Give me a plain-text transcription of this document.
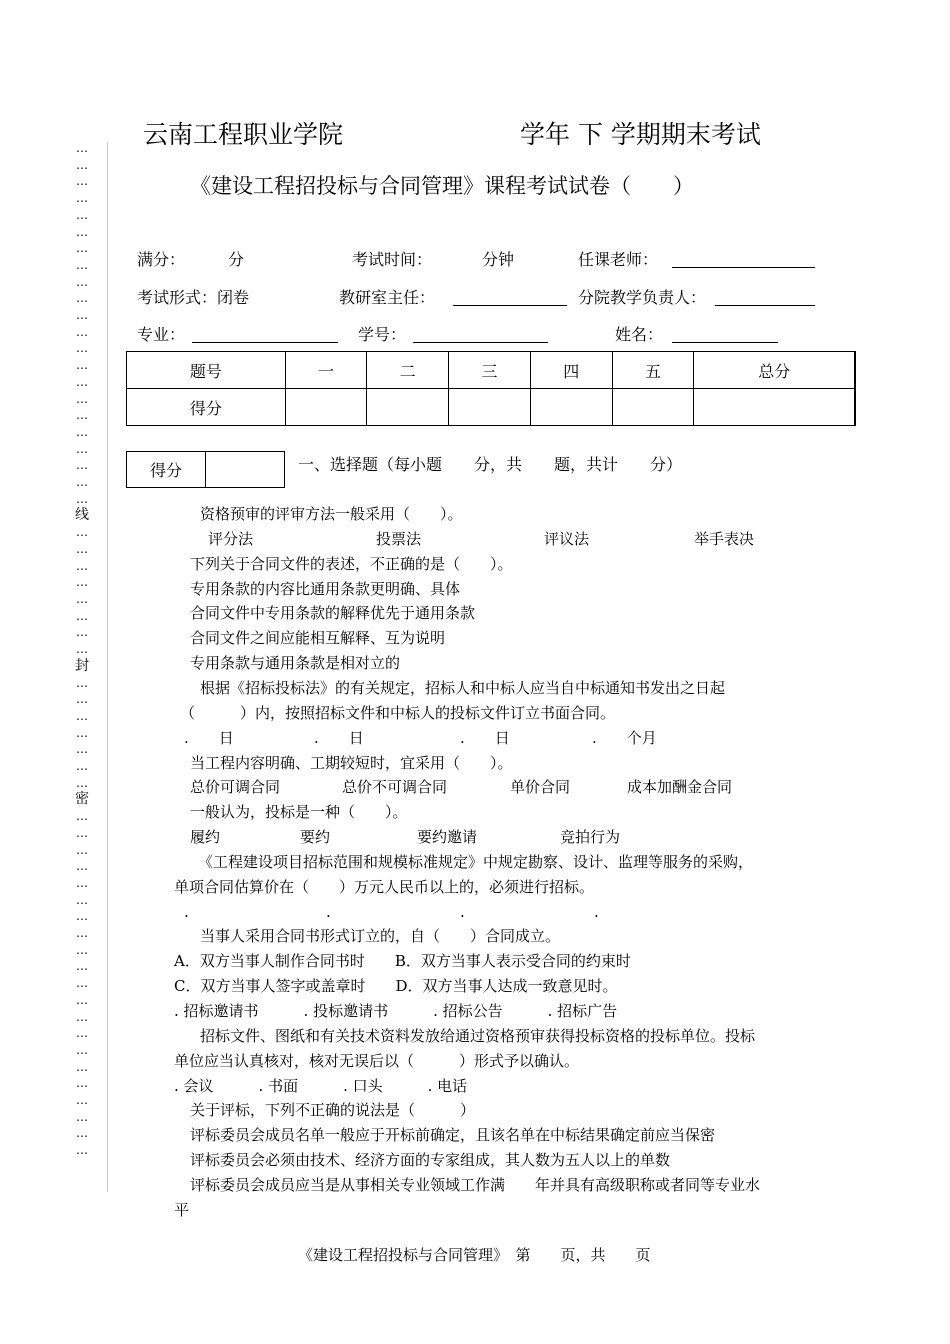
…
…
…
…
…
…
…
…
…
…
…
…
…
…
…
…
…
…
…
…
…
…
线
…
…
…
…
…
…
…
…
封
…
…
…
…
…
…
…
密
…
…
…
…
…
…
…
…
…
…
…
…
…
…
…
…
…
…
…
…
…
云南工程职业学院	学年 下 学期期末考试
《建设工程招投标与合同管理》课程考试试卷（　　）
满分：	分	考试时间：	分钟	任课老师：
考试形式：闭卷	教研室主任：	分院教学负责人：
专业：	学号：	姓名：
题号	一	二	三	四	五	总分
得分						
得分		一、选择题（每小题　　分，共　　题，共计　　分）
资格预审的评审方法一般采用（　　）。
评分法	投票法	评议法	举手表决
下列关于合同文件的表述，不正确的是（　　）。
专用条款的内容比通用条款更明确、具体
合同文件中专用条款的解释优先于通用条款
合同文件之间应能相互解释、互为说明
专用条款与通用条款是相对立的
根据《招标投标法》的有关规定，招标人和中标人应当自中标通知书发出之日起
（　　　）内，按照招标文件和中标人的投标文件订立书面合同。
.　　日	.　　日	.　　日	.　　个月
当工程内容明确、工期较短时，宜采用（　　）。
总价可调合同	总价不可调合同	单价合同	成本加酬金合同
一般认为，投标是一种（　　）。
履约	要约	要约邀请	竞拍行为
《工程建设项目招标范围和规模标准规定》中规定勘察、设计、监理等服务的采购，
单项合同估算价在（　　）万元人民币以上的，必须进行招标。
.	.	.	.
当事人采用合同书形式订立的，自（　　）合同成立。
A．双方当事人制作合同书时　　B．双方当事人表示受合同的约束时
C．双方当事人签字或盖章时　　D．双方当事人达成一致意见时。
. 招标邀请书　　　. 投标邀请书　　　. 招标公告　　　. 招标广告
招标文件、图纸和有关技术资料发放给通过资格预审获得投标资格的投标单位。投标
单位应当认真核对，核对无误后以（　　　）形式予以确认。
. 会议　　　. 书面　　　. 口头　　　. 电话
关于评标，下列不正确的说法是（　　　）
评标委员会成员名单一般应于开标前确定，且该名单在中标结果确定前应当保密
评标委员会必须由技术、经济方面的专家组成，其人数为五人以上的单数
评标委员会成员应当是从事相关专业领域工作满　　年并具有高级职称或者同等专业水
平
《建设工程招投标与合同管理》　第　　页，共　　页
